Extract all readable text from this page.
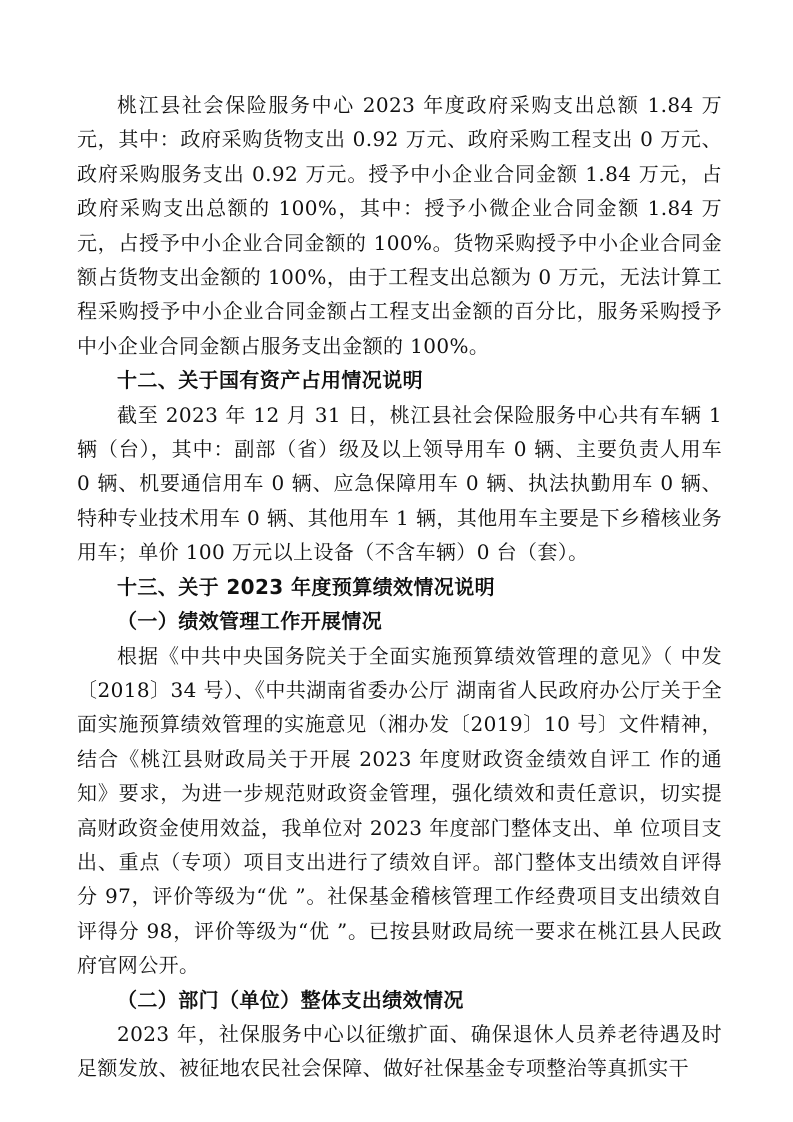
桃江县社会保险服务中心 2023 年度政府采购支出总额 1.84 万元，其中：政府采购货物支出 0.92 万元、政府采购工程支出 0 万元、政府采购服务支出 0.92 万元。授予中小企业合同金额 1.84 万元，占政府采购支出总额的 100%，其中：授予小微企业合同金额 1.84 万元，占授予中小企业合同金额的 100%。货物采购授予中小企业合同金额占货物支出金额的 100%，由于工程支出总额为 0 万元，无法计算工程采购授予中小企业合同金额占工程支出金额的百分比，服务采购授予中小企业合同金额占服务支出金额的 100%。

十二、关于国有资产占用情况说明

截至 2023 年 12 月 31 日，桃江县社会保险服务中心共有车辆 1 辆（台），其中：副部（省）级及以上领导用车 0 辆、主要负责人用车 0 辆、机要通信用车 0 辆、应急保障用车 0 辆、执法执勤用车 0 辆、特种专业技术用车 0 辆、其他用车 1 辆，其他用车主要是下乡稽核业务用车；单价 100 万元以上设备（不含车辆）0 台（套）。

十三、关于 2023 年度预算绩效情况说明

（一）绩效管理工作开展情况

根据《中共中央国务院关于全面实施预算绩效管理的意见》（ 中发〔2018〕34 号）、《中共湖南省委办公厅 湖南省人民政府办公厅关于全面实施预算绩效管理的实施意见（湘办发〔2019〕10 号〕文件精神，结合《桃江县财政局关于开展 2023 年度财政资金绩效自评工 作的通知》要求，为进一步规范财政资金管理，强化绩效和责任意识，切实提高财政资金使用效益，我单位对 2023 年度部门整体支出、单 位项目支出、重点（专项）项目支出进行了绩效自评。部门整体支出绩效自评得分 97，评价等级为“优 ”。社保基金稽核管理工作经费项目支出绩效自评得分 98，评价等级为“优 ”。已按县财政局统一要求在桃江县人民政府官网公开。

（二）部门（单位）整体支出绩效情况

2023 年，社保服务中心以征缴扩面、确保退休人员养老待遇及时足额发放、被征地农民社会保障、做好社保基金专项整治等真抓实干
